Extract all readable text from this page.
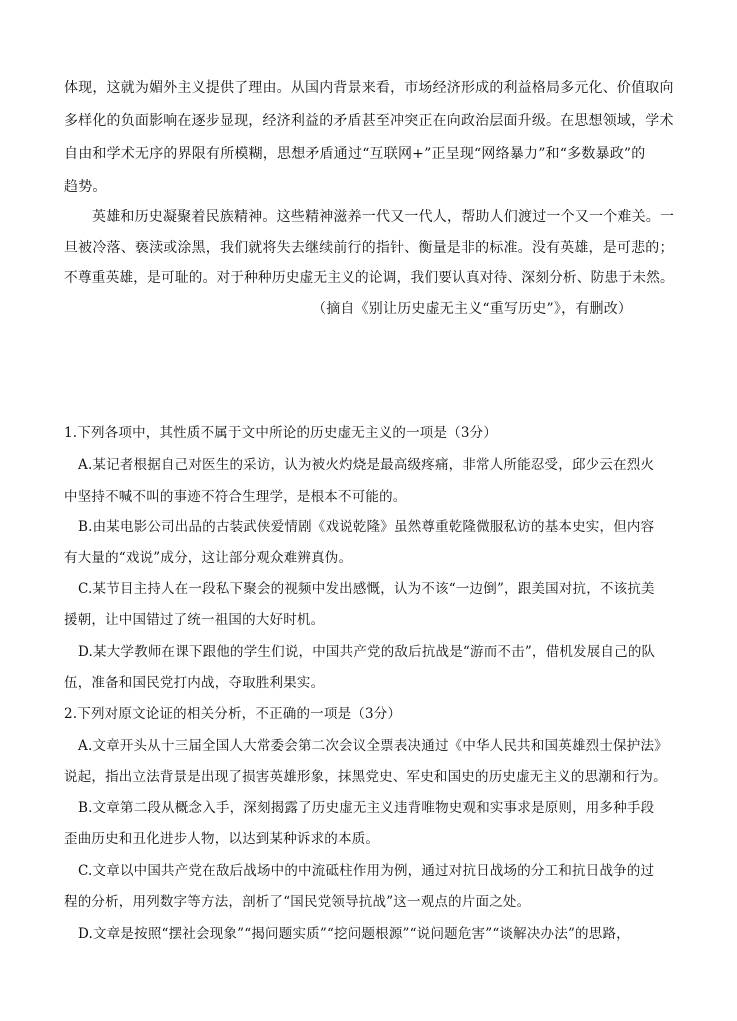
体现，这就为媚外主义提供了理由。从国内背景来看，市场经济形成的利益格局多元化、价值取向
多样化的负面影响在逐步显现，经济利益的矛盾甚至冲突正在向政治层面升级。在思想领域，学术
自由和学术无序的界限有所模糊，思想矛盾通过“互联网+”正呈现“网络暴力”和“多数暴政”的
趋势。
英雄和历史凝聚着民族精神。这些精神滋养一代又一代人，帮助人们渡过一个又一个难关。一
旦被冷落、亵渎或涂黑，我们就将失去继续前行的指针、衡量是非的标准。没有英雄，是可悲的；
不尊重英雄，是可耻的。对于种种历史虚无主义的论调，我们要认真对待、深刻分析、防患于未然。
（摘自《别让历史虚无主义“重写历史”》，有删改）
1.下列各项中，其性质不属于文中所论的历史虚无主义的一项是（3分）
A.某记者根据自己对医生的采访，认为被火灼烧是最高级疼痛，非常人所能忍受，邱少云在烈火
中坚持不喊不叫的事迹不符合生理学，是根本不可能的。
B.由某电影公司出品的古装武侠爱情剧《戏说乾隆》虽然尊重乾隆微服私访的基本史实，但内容
有大量的“戏说”成分，这让部分观众难辨真伪。
C.某节目主持人在一段私下聚会的视频中发出感慨，认为不该“一边倒”，跟美国对抗，不该抗美
援朝，让中国错过了统一祖国的大好时机。
D.某大学教师在课下跟他的学生们说，中国共产党的敌后抗战是“游而不击”，借机发展自己的队
伍，准备和国民党打内战，夺取胜利果实。
2.下列对原文论证的相关分析，不正确的一项是（3分）
A.文章开头从十三届全国人大常委会第二次会议全票表决通过《中华人民共和国英雄烈士保护法》
说起，指出立法背景是出现了损害英雄形象，抹黑党史、军史和国史的历史虚无主义的思潮和行为。
B.文章第二段从概念入手，深刻揭露了历史虚无主义违背唯物史观和实事求是原则，用多种手段
歪曲历史和丑化进步人物，以达到某种诉求的本质。
C.文章以中国共产党在敌后战场中的中流砥柱作用为例，通过对抗日战场的分工和抗日战争的过
程的分析，用列数字等方法，剖析了“国民党领导抗战”这一观点的片面之处。
D.文章是按照“摆社会现象”“揭问题实质”“挖问题根源”“说问题危害”“谈解决办法”的思路，
